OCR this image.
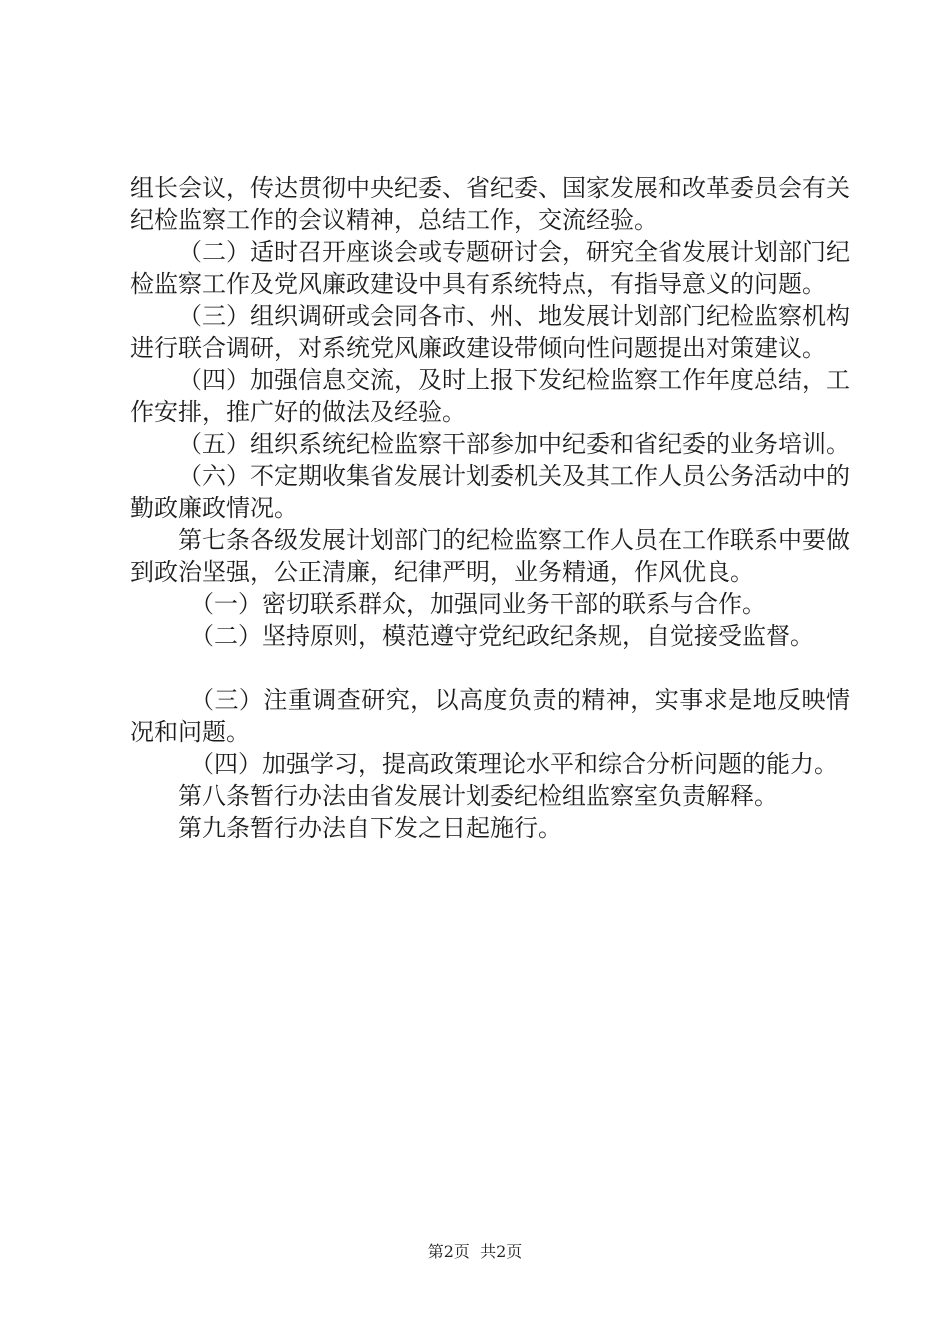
组长会议，传达贯彻中央纪委、省纪委、国家发展和改革委员会有关纪检监察工作的会议精神，总结工作，交流经验。

（二）适时召开座谈会或专题研讨会，研究全省发展计划部门纪检监察工作及党风廉政建设中具有系统特点，有指导意义的问题。

（三）组织调研或会同各市、州、地发展计划部门纪检监察机构进行联合调研，对系统党风廉政建设带倾向性问题提出对策建议。

（四）加强信息交流，及时上报下发纪检监察工作年度总结，工作安排，推广好的做法及经验。

（五）组织系统纪检监察干部参加中纪委和省纪委的业务培训。

（六）不定期收集省发展计划委机关及其工作人员公务活动中的勤政廉政情况。

第七条各级发展计划部门的纪检监察工作人员在工作联系中要做到政治坚强，公正清廉，纪律严明，业务精通，作风优良。

（一）密切联系群众，加强同业务干部的联系与合作。

（二）坚持原则，模范遵守党纪政纪条规，自觉接受监督。

（三）注重调查研究，以高度负责的精神，实事求是地反映情况和问题。

（四）加强学习，提高政策理论水平和综合分析问题的能力。

第八条暂行办法由省发展计划委纪检组监察室负责解释。

第九条暂行办法自下发之日起施行。

第2页  共2页
